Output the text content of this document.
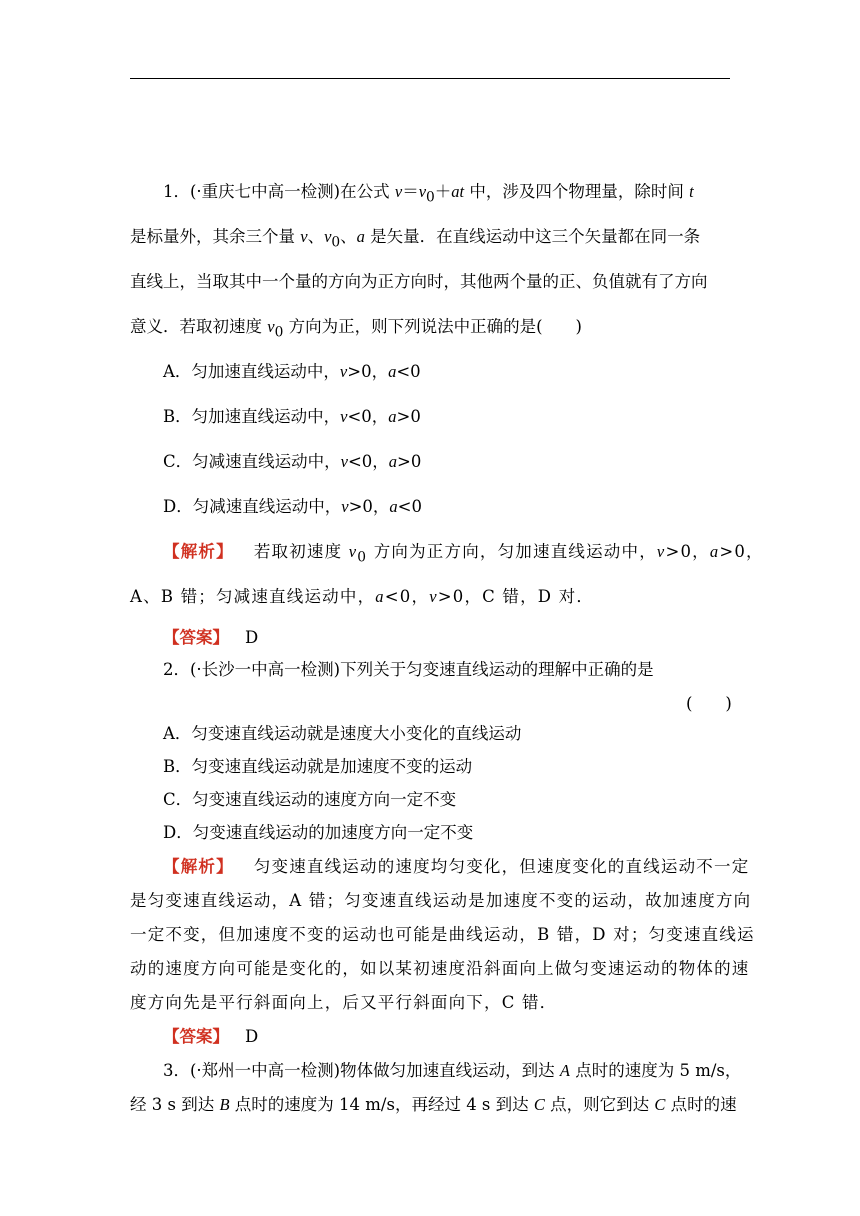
1．(·重庆七中高一检测)在公式 $v=v_0+at$ 中，涉及四个物理量，除时间 t
是标量外，其余三个量 v、$v_0$、a 是矢量．在直线运动中这三个矢量都在同一条
直线上，当取其中一个量的方向为正方向时，其他两个量的正、负值就有了方向
意义．若取初速度 $v_0$ 方向为正，则下列说法中正确的是(　　)
A．匀加速直线运动中，v>0，a<0
B．匀加速直线运动中，v<0，a>0
C．匀减速直线运动中，v<0，a>0
D．匀减速直线运动中，v>0，a<0
【解析】 若取初速度 $v_0$ 方向为正方向，匀加速直线运动中，v>0，a>0，
A、B 错；匀减速直线运动中，a<0，v>0，C 错，D 对．
【答案】 D
2．(·长沙一中高一检测)下列关于匀变速直线运动的理解中正确的是
(　　)
A．匀变速直线运动就是速度大小变化的直线运动
B．匀变速直线运动就是加速度不变的运动
C．匀变速直线运动的速度方向一定不变
D．匀变速直线运动的加速度方向一定不变
【解析】 匀变速直线运动的速度均匀变化，但速度变化的直线运动不一定
是匀变速直线运动，A 错；匀变速直线运动是加速度不变的运动，故加速度方向
一定不变，但加速度不变的运动也可能是曲线运动，B 错，D 对；匀变速直线运
动的速度方向可能是变化的，如以某初速度沿斜面向上做匀变速运动的物体的速
度方向先是平行斜面向上，后又平行斜面向下，C 错．
【答案】 D
3．(·郑州一中高一检测)物体做匀加速直线运动，到达 A 点时的速度为 5 m/s，
经 3 s 到达 B 点时的速度为 14 m/s，再经过 4 s 到达 C 点，则它到达 C 点时的速
